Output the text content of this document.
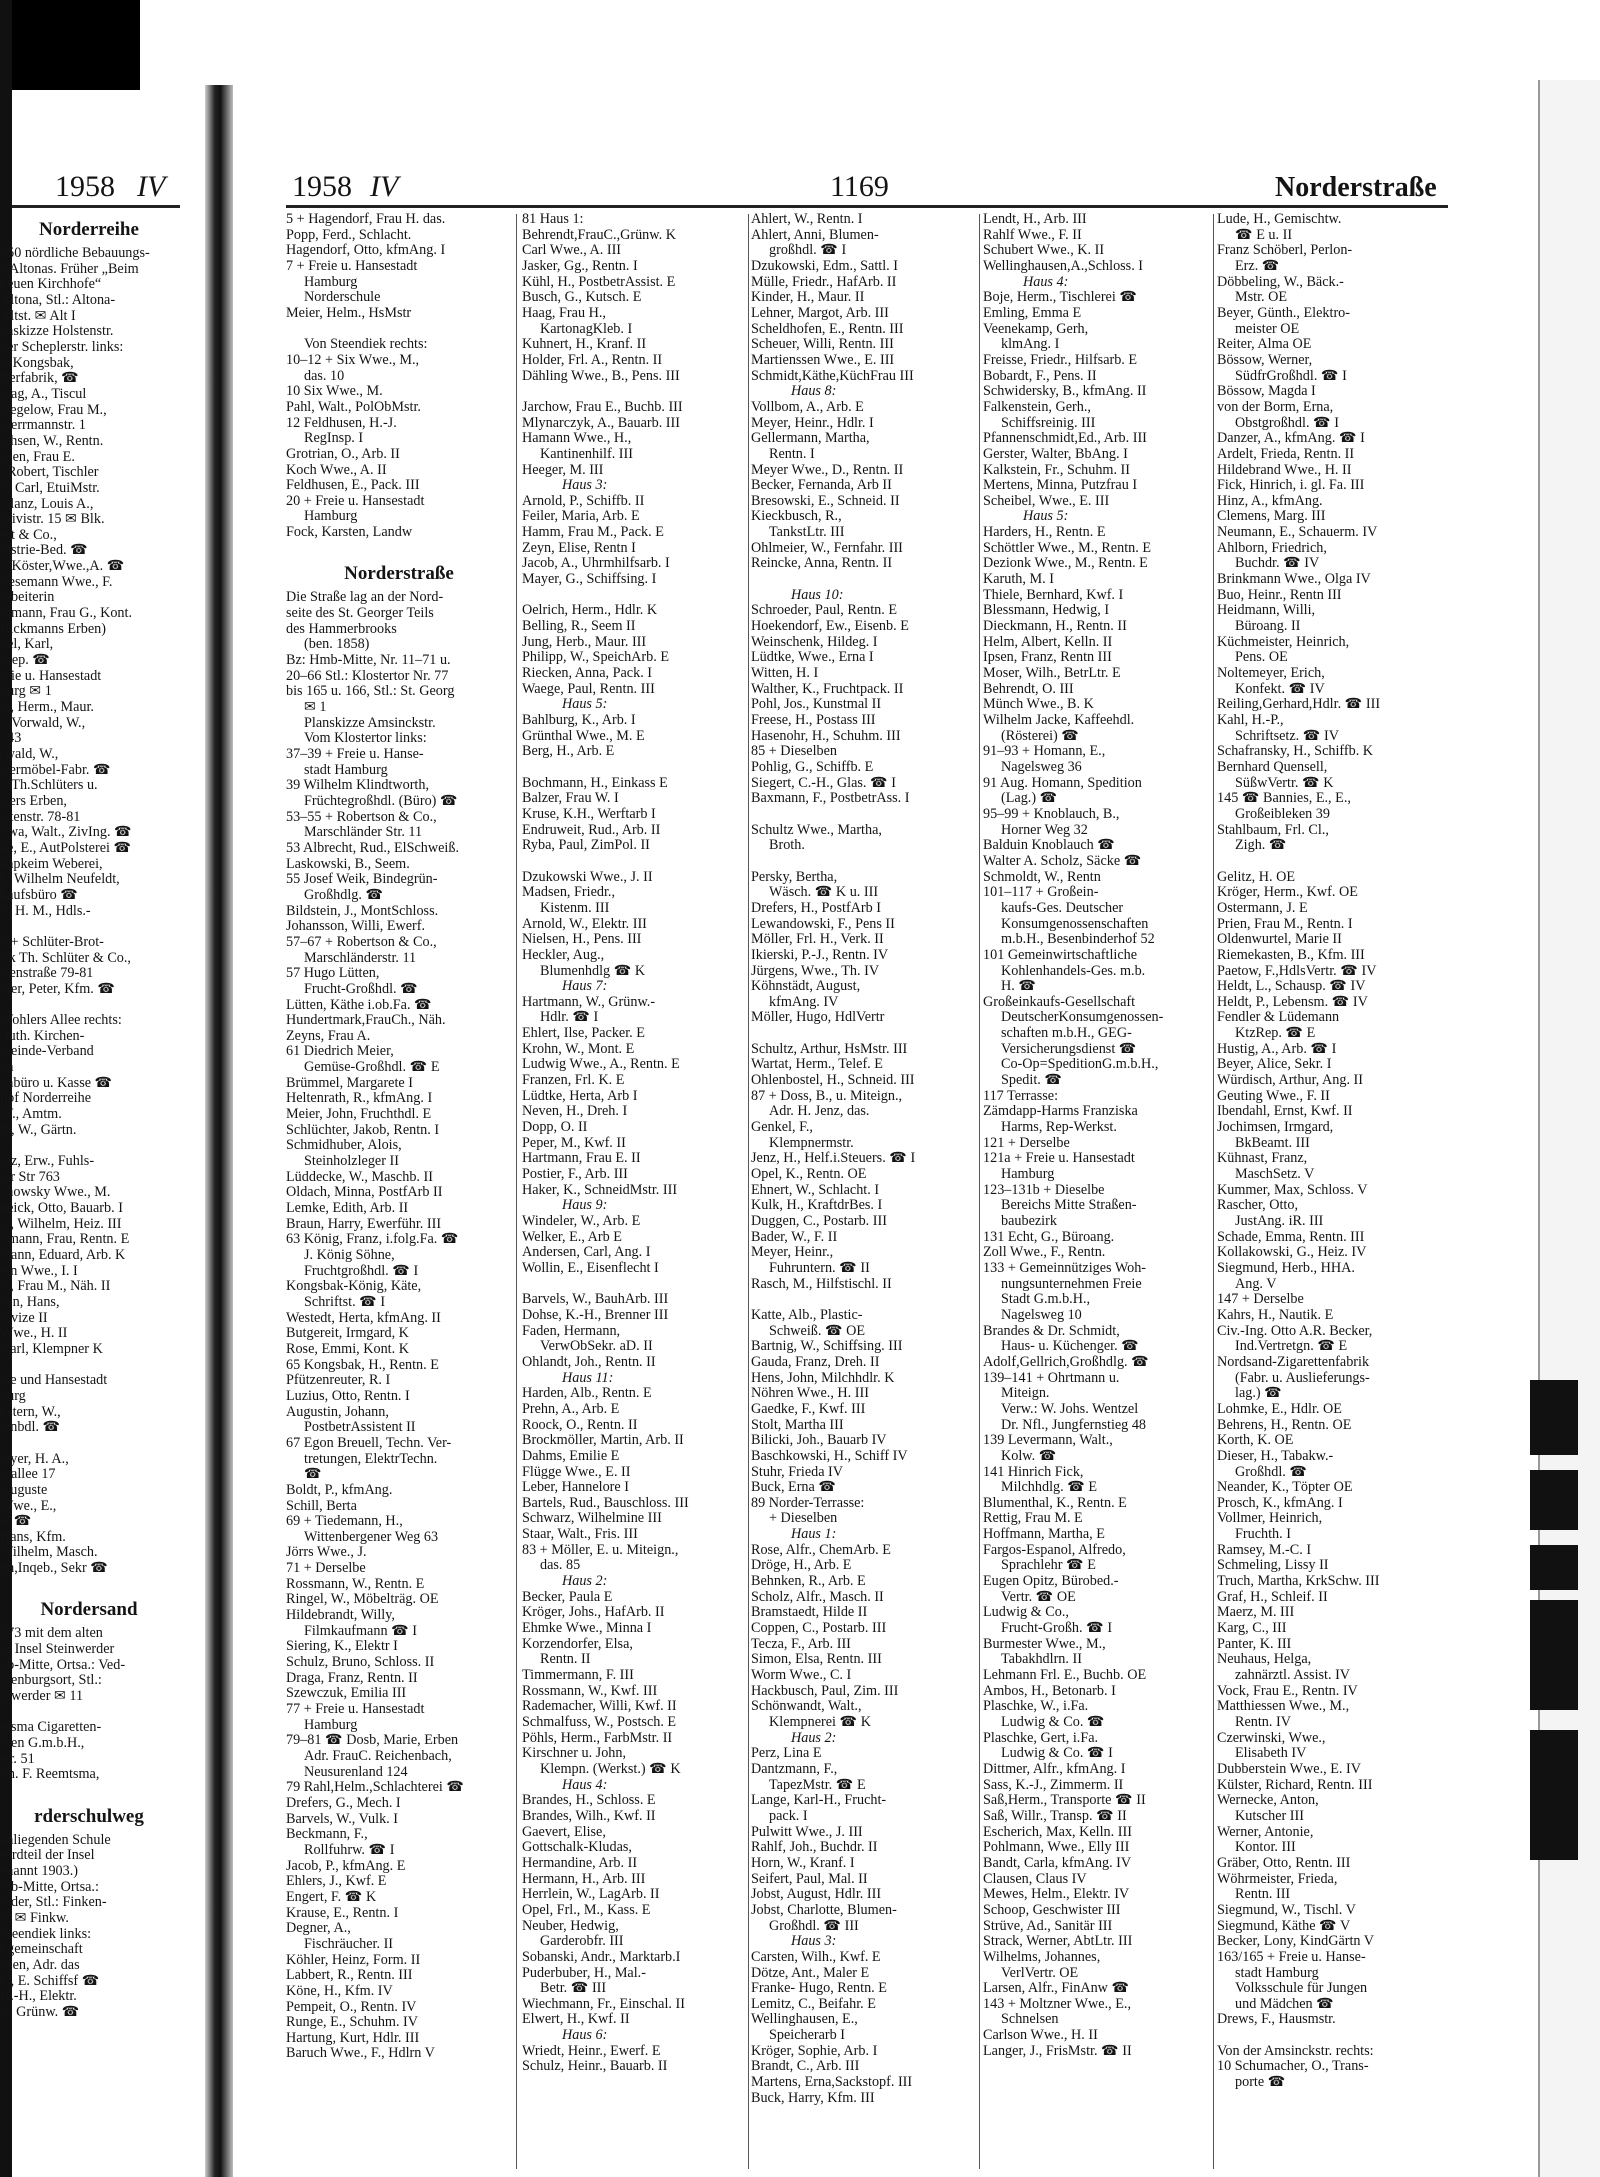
1958 IV	1958 IV	1169	Norderstraße
Norderreihe
850 nördliche Bebauungs-
e Altonas. Früher „Beim
neuen Kirchhofe“
Altona, Stl.: Altona-
Altst. ✉ Alt I
anskizze Holstenstr.
der Scheplerstr. links:
J. Kongsbak,
fferfabrik, ☎
ntag, A., Tiscul
Degelow, Frau M.,
merrmannstr. 1
ichsen, W., Rentn.
nsen, Frau E.
. Robert, Tischler
lt, Carl, EtuiMstr.
Glanz, Louis A.,
privistr. 15 ✉ Blk.
ert & Co.,
lustrie-Bed. ☎
+ Köster,Wwe.,A. ☎
Vesemann Wwe., F.
arbeiterin
ldmann, Frau G., Kont.
Rickmanns Erben)
bel, Karl,
orep. ☎
reie u. Hansestadt
burg ✉ 1
er, Herm., Maur.
+ Vorwald, W.,
. 43
rwald, W.,
stermöbel-Fabr. ☎
+ Th.Schlüters u.
sters Erben,
lstenstr. 78-81
liwa, Walt., ZivIng. ☎
ke, E., AutPolsterei ☎
kapkeim Weberei,
h. Wilhelm Neufeldt,
kaufsbüro ☎
lt, H. M., Hdls.-
t.
9 + Schlüter-Brot-
rik Th. Schlüter & Co.,
stenstraße 79-81
üter, Peter, Kfm. ☎

Wohlers Allee rechts:
-luth. Kirchen-
meinde-Verband
na
enbüro u. Kasse ☎
hof Norderreihe
W., Amtm.
th, W., Gärtn.

utz, Erw., Fuhls-
ler Str 763
chowsky Wwe., M.
neick, Otto, Bauarb. I
er, Wilhelm, Heiz. III
ilmann, Frau, Rentn. E
mann, Eduard, Arb. K
ein Wwe., I. I
tz, Frau M., Näh. II
zen, Hans,
ervize II
Wwe., H. II
Karl, Klempner K

eie und Hansestadt
burg
nstern, W.,
lenbdl. ☎

leyer, H. A.,
erallee 17
Auguste
Wwe., E.,
w ☎
Hans, Kfm.
Wilhelm, Masch.
nn,Inqeb., Sekr ☎

Nordersand
873 mit dem alten
er Insel Steinwerder
nb-Mitte, Ortsa.: Ved-
thenburgsort, Stl.:
inwerder ✉ 11

ntsma Cigaretten-
iken G.m.b.H.,
str. 51
Ph. F. Reemtsma,

rderschulweg
anliegenden Schule
rordteil der Insel
enannt 1903.)
mb-Mitte, Ortsa.:
erder, Stl.: Finken-
er ✉ Finkw.
Steendiek links:
ngemeinschaft
nsen, Adr. das
n., E. Schiffsf ☎
K.-H., Elektr.
J., Grünw. ☎
5 + Hagendorf, Frau H. das.
Popp, Ferd., Schlacht.
Hagendorf, Otto, kfmAng. I
7 + Freie u. Hansestadt
Hamburg
Norderschule
Meier, Helm., HsMstr

Von Steendiek rechts:
10–12 + Six Wwe., M.,
das. 10
10 Six Wwe., M.
Pahl, Walt., PolObMstr.
12 Feldhusen, H.-J.
RegInsp. I
Grotrian, O., Arb. II
Koch Wwe., A. II
Feldhusen, E., Pack. III
20 + Freie u. Hansestadt
Hamburg
Fock, Karsten, Landw

Norderstraße
Die Straße lag an der Nord-
seite des St. Georger Teils
des Hammerbrooks
(ben. 1858)
Bz: Hmb-Mitte, Nr. 11–71 u.
20–66 Stl.: Klostertor Nr. 77
bis 165 u. 166, Stl.: St. Georg
✉ 1
Planskizze Amsinckstr.
Vom Klostertor links:
37–39 + Freie u. Hanse-
stadt Hamburg
39 Wilhelm Klindtworth,
Früchtegroßhdl. (Büro) ☎
53–55 + Robertson & Co.,
Marschländer Str. 11
53 Albrecht, Rud., ElSchweiß.
Laskowski, B., Seem.
55 Josef Weik, Bindegrün-
Großhdlg. ☎
Bildstein, J., MontSchloss.
Johansson, Willi, Ewerf.
57–67 + Robertson & Co.,
Marschländerstr. 11
57 Hugo Lütten,
Frucht-Großhdl. ☎
Lütten, Käthe i.ob.Fa. ☎
Hundertmark,FrauCh., Näh.
Zeyns, Frau A.
61 Diedrich Meier,
Gemüse-Großhdl. ☎ E
Brümmel, Margarete I
Heltenrath, R., kfmAng. I
Meier, John, Fruchthdl. E
Schlüchter, Jakob, Rentn. I
Schmidhuber, Alois,
Steinholzleger II
Lüddecke, W., Maschb. II
Oldach, Minna, PostfArb II
Lemke, Edith, Arb. II
Braun, Harry, Ewerführ. III
63 König, Franz, i.folg.Fa. ☎
J. König Söhne,
Fruchtgroßhdl. ☎ I
Kongsbak-König, Käte,
Schriftst. ☎ I
Westedt, Herta, kfmAng. II
Butgereit, Irmgard, K
Rose, Emmi, Kont. K
65 Kongsbak, H., Rentn. E
Pfützenreuter, R. I
Luzius, Otto, Rentn. I
Augustin, Johann,
PostbetrAssistent II
67 Egon Breuell, Techn. Ver-
tretungen, ElektrTechn.
☎
Boldt, P., kfmAng.
Schill, Berta
69 + Tiedemann, H.,
Wittenbergener Weg 63
Jörrs Wwe., J.
71 + Derselbe
Rossmann, W., Rentn. E
Ringel, W., Möbelträg. OE
Hildebrandt, Willy,
Filmkaufmann ☎ I
Siering, K., Elektr I
Schulz, Bruno, Schloss. II
Draga, Franz, Rentn. II
Szewczuk, Emilia III
77 + Freie u. Hansestadt
Hamburg
79–81 ☎ Dosb, Marie, Erben
Adr. FrauC. Reichenbach,
Neusurenland 124
79 Rahl,Helm.,Schlachterei ☎
Drefers, G., Mech. I
Barvels, W., Vulk. I
Beckmann, F.,
Rollfuhrw. ☎ I
Jacob, P., kfmAng. E
Ehlers, J., Kwf. E
Engert, F. ☎ K
Krause, E., Rentn. I
Degner, A.,
Fischräucher. II
Köhler, Heinz, Form. II
Labbert, R., Rentn. III
Köne, H., Kfm. IV
Pempeit, O., Rentn. IV
Runge, E., Schuhm. IV
Hartung, Kurt, Hdlr. III
Baruch Wwe., F., Hdlrn V
81 Haus 1:
Behrendt,FrauC.,Grünw. K
Carl Wwe., A. III
Jasker, Gg., Rentn. I
Kühl, H., PostbetrAssist. E
Busch, G., Kutsch. E
Haag, Frau H.,
KartonagKleb. I
Kuhnert, H., Kranf. II
Holder, Frl. A., Rentn. II
Dähling Wwe., B., Pens. III

Jarchow, Frau E., Buchb. III
Mlynarczyk, A., Bauarb. III
Hamann Wwe., H.,
Kantinenhilf. III
Heeger, M. III
Haus 3:
Arnold, P., Schiffb. II
Feiler, Maria, Arb. E
Hamm, Frau M., Pack. E
Zeyn, Elise, Rentn I
Jacob, A., Uhrmhilfsarb. I
Mayer, G., Schiffsing. I

Oelrich, Herm., Hdlr. K
Belling, R., Seem II
Jung, Herb., Maur. III
Philipp, W., SpeichArb. E
Riecken, Anna, Pack. I
Waege, Paul, Rentn. III
Haus 5:
Bahlburg, K., Arb. I
Grünthal Wwe., M. E
Berg, H., Arb. E

Bochmann, H., Einkass E
Balzer, Frau W. I
Kruse, K.H., Werftarb I
Endruweit, Rud., Arb. II
Ryba, Paul, ZimPol. II

Dzukowski Wwe., J. II
Madsen, Friedr.,
Kistenm. III
Arnold, W., Elektr. III
Nielsen, H., Pens. III
Heckler, Aug.,
Blumenhdlg ☎ K
Haus 7:
Hartmann, W., Grünw.-
Hdlr. ☎ I
Ehlert, Ilse, Packer. E
Krohn, W., Mont. E
Ludwig Wwe., A., Rentn. E
Franzen, Frl. K. E
Lüdtke, Herta, Arb I
Neven, H., Dreh. I
Dopp, O. II
Peper, M., Kwf. II
Hartmann, Frau E. II
Postier, F., Arb. III
Haker, K., SchneidMstr. III
Haus 9:
Windeler, W., Arb. E
Welker, E., Arb E
Andersen, Carl, Ang. I
Wollin, E., Eisenflecht I

Barvels, W., BauhArb. III
Dohse, K.-H., Brenner III
Faden, Hermann,
VerwObSekr. aD. II
Ohlandt, Joh., Rentn. II
Haus 11:
Harden, Alb., Rentn. E
Prehn, A., Arb. E
Roock, O., Rentn. II
Brockmöller, Martin, Arb. II
Dahms, Emilie E
Flügge Wwe., E. II
Leber, Hannelore I
Bartels, Rud., Bauschloss. III
Schwarz, Wilhelmine III
Staar, Walt., Fris. III
83 + Möller, E. u. Miteign.,
das. 85
Haus 2:
Becker, Paula E
Kröger, Johs., HafArb. II
Ehmke Wwe., Minna I
Korzendorfer, Elsa,
Rentn. II
Timmermann, F. III
Rossmann, W., Kwf. III
Rademacher, Willi, Kwf. II
Schmalfuss, W., Postsch. E
Pöhls, Herm., FarbMstr. II
Kirschner u. John,
Klempn. (Werkst.) ☎ K
Haus 4:
Brandes, H., Schloss. E
Brandes, Wilh., Kwf. II
Gaevert, Elise,
Gottschalk-Kludas,
Hermandine, Arb. II
Hermann, H., Arb. III
Herrlein, W., LagArb. II
Opel, Frl., M., Kass. E
Neuber, Hedwig,
Garderobfr. III
Sobanski, Andr., Marktarb.I
Puderbuber, H., Mal.-
Betr. ☎ III
Wiechmann, Fr., Einschal. II
Elwert, H., Kwf. II
Haus 6:
Wriedt, Heinr., Ewerf. E
Schulz, Heinr., Bauarb. II
Ahlert, W., Rentn. I
Ahlert, Anni, Blumen-
großhdl. ☎ I
Dzukowski, Edm., Sattl. I
Mülle, Friedr., HafArb. II
Kinder, H., Maur. II
Lehner, Margot, Arb. III
Scheldhofen, E., Rentn. III
Scheuer, Willi, Rentn. III
Martienssen Wwe., E. III
Schmidt,Käthe,KüchFrau III
Haus 8:
Vollbom, A., Arb. E
Meyer, Heinr., Hdlr. I
Gellermann, Martha,
Rentn. I
Meyer Wwe., D., Rentn. II
Becker, Fernanda, Arb II
Bresowski, E., Schneid. II
Kieckbusch, R.,
TankstLtr. III
Ohlmeier, W., Fernfahr. III
Reincke, Anna, Rentn. II

Haus 10:
Schroeder, Paul, Rentn. E
Hoekendorf, Ew., Eisenb. E
Weinschenk, Hildeg. I
Lüdtke, Wwe., Erna I
Witten, H. I
Walther, K., Fruchtpack. II
Pohl, Jos., Kunstmal II
Freese, H., Postass III
Hasenohr, H., Schuhm. III
85 + Dieselben
Pohlig, G., Schiffb. E
Siegert, C.-H., Glas. ☎ I
Baxmann, F., PostbetrAss. I

Schultz Wwe., Martha,
Broth.

Persky, Bertha,
Wäsch. ☎ K u. III
Drefers, H., PostfArb I
Lewandowski, F., Pens II
Möller, Frl. H., Verk. II
Ikierski, P.-J., Rentn. IV
Jürgens, Wwe., Th. IV
Köhnstädt, August,
kfmAng. IV
Möller, Hugo, HdlVertr

Schultz, Arthur, HsMstr. III
Wartat, Herm., Telef. E
Ohlenbostel, H., Schneid. III
87 + Doss, B., u. Miteign.,
Adr. H. Jenz, das.
Genkel, F.,
Klempnermstr.
Jenz, H., Helf.i.Steuers. ☎ I
Opel, K., Rentn. OE
Ehnert, W., Schlacht. I
Kulk, H., KraftdrBes. I
Duggen, C., Postarb. III
Bader, W., F. II
Meyer, Heinr.,
Fuhruntern. ☎ II
Rasch, M., Hilfstischl. II

Katte, Alb., Plastic-
Schweiß. ☎ OE
Bartnig, W., Schiffsing. III
Gauda, Franz, Dreh. II
Hens, John, Milchhdlr. K
Nöhren Wwe., H. III
Gaedke, F., Kwf. III
Stolt, Martha III
Bilicki, Joh., Bauarb IV
Baschkowski, H., Schiff IV
Stuhr, Frieda IV
Buck, Erna ☎
89 Norder-Terrasse:
+ Dieselben
Haus 1:
Rose, Alfr., ChemArb. E
Dröge, H., Arb. E
Behnken, R., Arb. E
Scholz, Alfr., Masch. II
Bramstaedt, Hilde II
Coppen, C., Postarb. III
Tecza, F., Arb. III
Simon, Elsa, Rentn. III
Worm Wwe., C. I
Hackbusch, Paul, Zim. III
Schönwandt, Walt.,
Klempnerei ☎ K
Haus 2:
Perz, Lina E
Dantzmann, F.,
TapezMstr. ☎ E
Lange, Karl-H., Frucht-
pack. I
Pulwitt Wwe., J. III
Rahlf, Joh., Buchdr. II
Horn, W., Kranf. I
Seifert, Paul, Mal. II
Jobst, August, Hdlr. III
Jobst, Charlotte, Blumen-
Großhdl. ☎ III
Haus 3:
Carsten, Wilh., Kwf. E
Dötze, Ant., Maler E
Franke- Hugo, Rentn. E
Lemitz, C., Beifahr. E
Wellinghausen, E.,
Speicherarb I
Kröger, Sophie, Arb. I
Brandt, C., Arb. III
Martens, Erna,Sackstopf. III
Buck, Harry, Kfm. III
Lendt, H., Arb. III
Rahlf Wwe., F. II
Schubert Wwe., K. II
Wellinghausen,A.,Schloss. I
Haus 4:
Boje, Herm., Tischlerei ☎
Emling, Emma E
Veenekamp, Gerh,
klmAng. I
Freisse, Friedr., Hilfsarb. E
Bobardt, F., Pens. II
Schwidersky, B., kfmAng. II
Falkenstein, Gerh.,
Schiffsreinig. III
Pfannenschmidt,Ed., Arb. III
Gerster, Walter, BbAng. I
Kalkstein, Fr., Schuhm. II
Mertens, Minna, Putzfrau I
Scheibel, Wwe., E. III
Haus 5:
Harders, H., Rentn. E
Schöttler Wwe., M., Rentn. E
Dezionk Wwe., M., Rentn. E
Karuth, M. I
Thiele, Bernhard, Kwf. I
Blessmann, Hedwig, I
Dieckmann, H., Rentn. II
Helm, Albert, Kelln. II
Ipsen, Franz, Rentn III
Moser, Wilh., BetrLtr. E
Behrendt, O. III
Münch Wwe., B. K
Wilhelm Jacke, Kaffeehdl.
(Rösterei) ☎
91–93 + Homann, E.,
Nagelsweg 36
91 Aug. Homann, Spedition
(Lag.) ☎
95–99 + Knoblauch, B.,
Horner Weg 32
Balduin Knoblauch ☎
Walter A. Scholz, Säcke ☎
Schmoldt, W., Rentn
101–117 + Großein-
kaufs-Ges. Deutscher
Konsumgenossenschaften
m.b.H., Besenbinderhof 52
101 Gemeinwirtschaftliche
Kohlenhandels-Ges. m.b.
H. ☎
Großeinkaufs-Gesellschaft
DeutscherKonsumgenossen-
schaften m.b.H., GEG-
Versicherungsdienst ☎
Co-Op=SpeditionG.m.b.H.,
Spedit. ☎
117 Terrasse:
Zämdapp-Harms Franziska
Harms, Rep-Werkst.
121 + Derselbe
121a + Freie u. Hansestadt
Hamburg
123–131b + Dieselbe
Bereichs Mitte Straßen-
baubezirk
131 Echt, G., Büroang.
Zoll Wwe., F., Rentn.
133 + Gemeinnütziges Woh-
nungsunternehmen Freie
Stadt G.m.b.H.,
Nagelsweg 10
Brandes & Dr. Schmidt,
Haus- u. Küchenger. ☎
Adolf,Gellrich,Großhdlg. ☎
139–141 + Ohrtmann u.
Miteign.
Verw.: W. Johs. Wentzel
Dr. Nfl., Jungfernstieg 48
139 Levermann, Walt.,
Kolw. ☎
141 Hinrich Fick,
Milchhdlg. ☎ E
Blumenthal, K., Rentn. E
Rettig, Frau M. E
Hoffmann, Martha, E
Fargos-Espanol, Alfredo,
Sprachlehr ☎ E
Eugen Opitz, Bürobed.-
Vertr. ☎ OE
Ludwig & Co.,
Frucht-Großh. ☎ I
Burmester Wwe., M.,
Tabakhdlrn. II
Lehmann Frl. E., Buchb. OE
Ambos, H., Betonarb. I
Plaschke, W., i.Fa.
Ludwig & Co. ☎
Plaschke, Gert, i.Fa.
Ludwig & Co. ☎ I
Dittmer, Alfr., kfmAng. I
Sass, K.-J., Zimmerm. II
Saß,Herm., Transporte ☎ II
Saß, Willr., Transp. ☎ II
Escherich, Max, Kelln. III
Pohlmann, Wwe., Elly III
Bandt, Carla, kfmAng. IV
Clausen, Claus IV
Mewes, Helm., Elektr. IV
Schoop, Geschwister III
Strüve, Ad., Sanitär III
Strack, Werner, AbtLtr. III
Wilhelms, Johannes,
VerlVertr. OE
Larsen, Alfr., FinAnw ☎
143 + Moltzner Wwe., E.,
Schnelsen
Carlson Wwe., H. II
Langer, J., FrisMstr. ☎ II
Lude, H., Gemischtw.
☎ E u. II
Franz Schöberl, Perlon-
Erz. ☎
Döbbeling, W., Bäck.-
Mstr. OE
Beyer, Günth., Elektro-
meister OE
Reiter, Alma OE
Bössow, Werner,
SüdfrGroßhdl. ☎ I
Bössow, Magda I
von der Borm, Erna,
Obstgroßhdl. ☎ I
Danzer, A., kfmAng. ☎ I
Ardelt, Frieda, Rentn. II
Hildebrand Wwe., H. II
Fick, Hinrich, i. gl. Fa. III
Hinz, A., kfmAng.
Clemens, Marg. III
Neumann, E., Schauerm. IV
Ahlborn, Friedrich,
Buchdr. ☎ IV
Brinkmann Wwe., Olga IV
Buo, Heinr., Rentn III
Heidmann, Willi,
Büroang. II
Küchmeister, Heinrich,
Pens. OE
Noltemeyer, Erich,
Konfekt. ☎ IV
Reiling,Gerhard,Hdlr. ☎ III
Kahl, H.-P.,
Schriftsetz. ☎ IV
Schafransky, H., Schiffb. K
Bernhard Quensell,
SüßwVertr. ☎ K
145 ☎ Bannies, E., E.,
Großeibleken 39
Stahlbaum, Frl. Cl.,
Zigh. ☎

Gelitz, H. OE
Kröger, Herm., Kwf. OE
Ostermann, J. E
Prien, Frau M., Rentn. I
Oldenwurtel, Marie II
Riemekasten, B., Kfm. III
Paetow, F.,HdlsVertr. ☎ IV
Heldt, L., Schausp. ☎ IV
Heldt, P., Lebensm. ☎ IV
Fendler & Lüdemann
KtzRep. ☎ E
Hustig, A., Arb. ☎ I
Beyer, Alice, Sekr. I
Würdisch, Arthur, Ang. II
Geuting Wwe., F. II
Ibendahl, Ernst, Kwf. II
Jochimsen, Irmgard,
BkBeamt. III
Kühnast, Franz,
MaschSetz. V
Kummer, Max, Schloss. V
Rascher, Otto,
JustAng. iR. III
Schade, Emma, Rentn. III
Kollakowski, G., Heiz. IV
Siegmund, Herb., HHA.
Ang. V
147 + Derselbe
Kahrs, H., Nautik. E
Civ.-Ing. Otto A.R. Becker,
Ind.Vertretgn. ☎ E
Nordsand-Zigarettenfabrik
(Fabr. u. Auslieferungs-
lag.) ☎
Lohmke, E., Hdlr. OE
Behrens, H., Rentn. OE
Korth, K. OE
Dieser, H., Tabakw.-
Großhdl. ☎
Neander, K., Töpter OE
Prosch, K., kfmAng. I
Vollmer, Heinrich,
Fruchth. I
Ramsey, M.-C. I
Schmeling, Lissy II
Truch, Martha, KrkSchw. III
Graf, H., Schleif. II
Maerz, M. III
Karg, C., III
Panter, K. III
Neuhaus, Helga,
zahnärztl. Assist. IV
Vock, Frau E., Rentn. IV
Matthiessen Wwe., M.,
Rentn. IV
Czerwinski, Wwe.,
Elisabeth IV
Dubberstein Wwe., E. IV
Külster, Richard, Rentn. III
Wernecke, Anton,
Kutscher III
Werner, Antonie,
Kontor. III
Gräber, Otto, Rentn. III
Wöhrmeister, Frieda,
Rentn. III
Siegmund, W., Tischl. V
Siegmund, Käthe ☎ V
Becker, Lony, KindGärtn V
163/165 + Freie u. Hanse-
stadt Hamburg
Volksschule für Jungen
und Mädchen ☎
Drews, F., Hausmstr.

Von der Amsinckstr. rechts:
10 Schumacher, O., Trans-
porte ☎
